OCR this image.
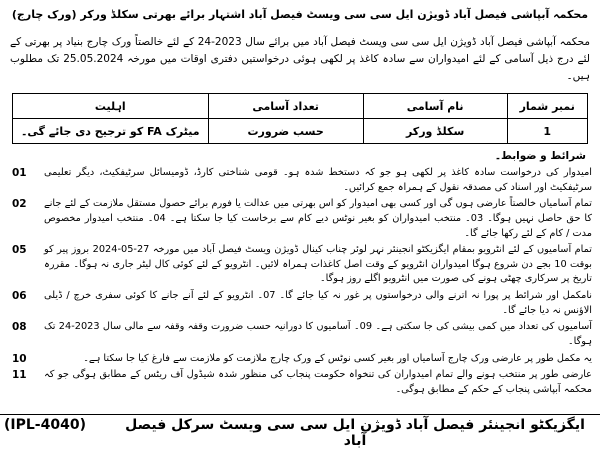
محکمہ آبپاشی فیصل آباد ڈویژن ایل سی سی ویسٹ فیصل آباد اشتہار برائے بھرتی سکلڈ ورکر (ورک چارج)
محکمہ آبپاشی فیصل آباد ڈویژن ایل سی سی ویسٹ فیصل آباد میں برائے سال 2023-24 کے لئے خالصتاً ورک چارج بنیاد پر بھرتی کے لئے درج ذیل آسامی کے لئے امیدواران سے سادہ کاغذ پر لکھی ہوئی درخواستیں دفتری اوقات میں مورخہ 25.05.2024 تک مطلوب ہیں۔
نمبر شمار	نام آسامی	تعداد آسامی	اہلیت
1	سکلڈ ورکر	حسب ضرورت	میٹرک FA کو ترجیح دی جائے گی۔
شرائط و ضوابط۔
01 امیدوار کی درخواست سادہ کاغذ پر لکھی ہو جو کہ دستخط شدہ ہو۔ قومی شناختی کارڈ، ڈومیسائل سرٹیفکیٹ، دیگر تعلیمی سرٹیفکیٹ اور اسناد کی مصدقہ نقول کے ہمراہ جمع کرائیں۔
02 تمام آسامیاں خالصتاً عارضی ہوں گی اور کسی بھی امیدوار کو اس بھرتی میں عدالت یا فورم برائے حصول مستقل ملازمت کے لئے جانے کا حق حاصل نہیں ہوگا۔ 03۔ منتخب امیدواران کو بغیر نوٹس دیے کام سے برخاست کیا جا سکتا ہے۔ 04۔ منتخب امیدوار مخصوص مدت / کام کے لئے رکھا جائے گا۔
05 تمام آسامیوں کے لئے انٹرویو بمقام ایگزیکٹو انجینئر نہر لوئر چناب کینال ڈویژن ویسٹ فیصل آباد میں مورخہ 27-05-2024 بروز پیر کو بوقت 10 بجے دن شروع ہوگا امیدواران انٹرویو کے وقت اصل کاغذات ہمراہ لائیں۔ انٹرویو کے لئے کوئی کال لیٹر جاری نہ ہوگا۔ مقررہ تاریخ پر سرکاری چھٹی ہونے کی صورت میں انٹرویو اگلے روز ہوگا۔
06 نامکمل اور شرائط پر پورا نہ اترنے والی درخواستوں پر غور نہ کیا جائے گا۔ 07۔ انٹرویو کے لئے آنے جانے کا کوئی سفری خرچ / ڈیلی الاؤنس نہ دیا جائے گا۔
08 آسامیوں کی تعداد میں کمی بیشی کی جا سکتی ہے۔ 09۔ آسامیوں کا دورانیہ حسب ضرورت وقفہ وقفہ سے مالی سال 2023-24 تک ہوگا۔
10	یہ مکمل طور پر عارضی ورک چارج آسامیاں اور بغیر کسی نوٹس کے ورک چارج ملازمت کو ملازمت سے فارغ کیا جا سکتا ہے۔
11 عارضی طور پر منتخب ہونے والے تمام امیدواران کی تنخواہ حکومت پنجاب کی منظور شدہ شیڈول آف ریٹس کے مطابق ہوگی جو کہ محکمہ آبپاشی پنجاب کے حکم کے مطابق ہوگی۔
(IPL-4040)	ایگزیکٹو انجینئر فیصل آباد ڈویژن ایل سی سی ویسٹ سرکل فیصل آباد
